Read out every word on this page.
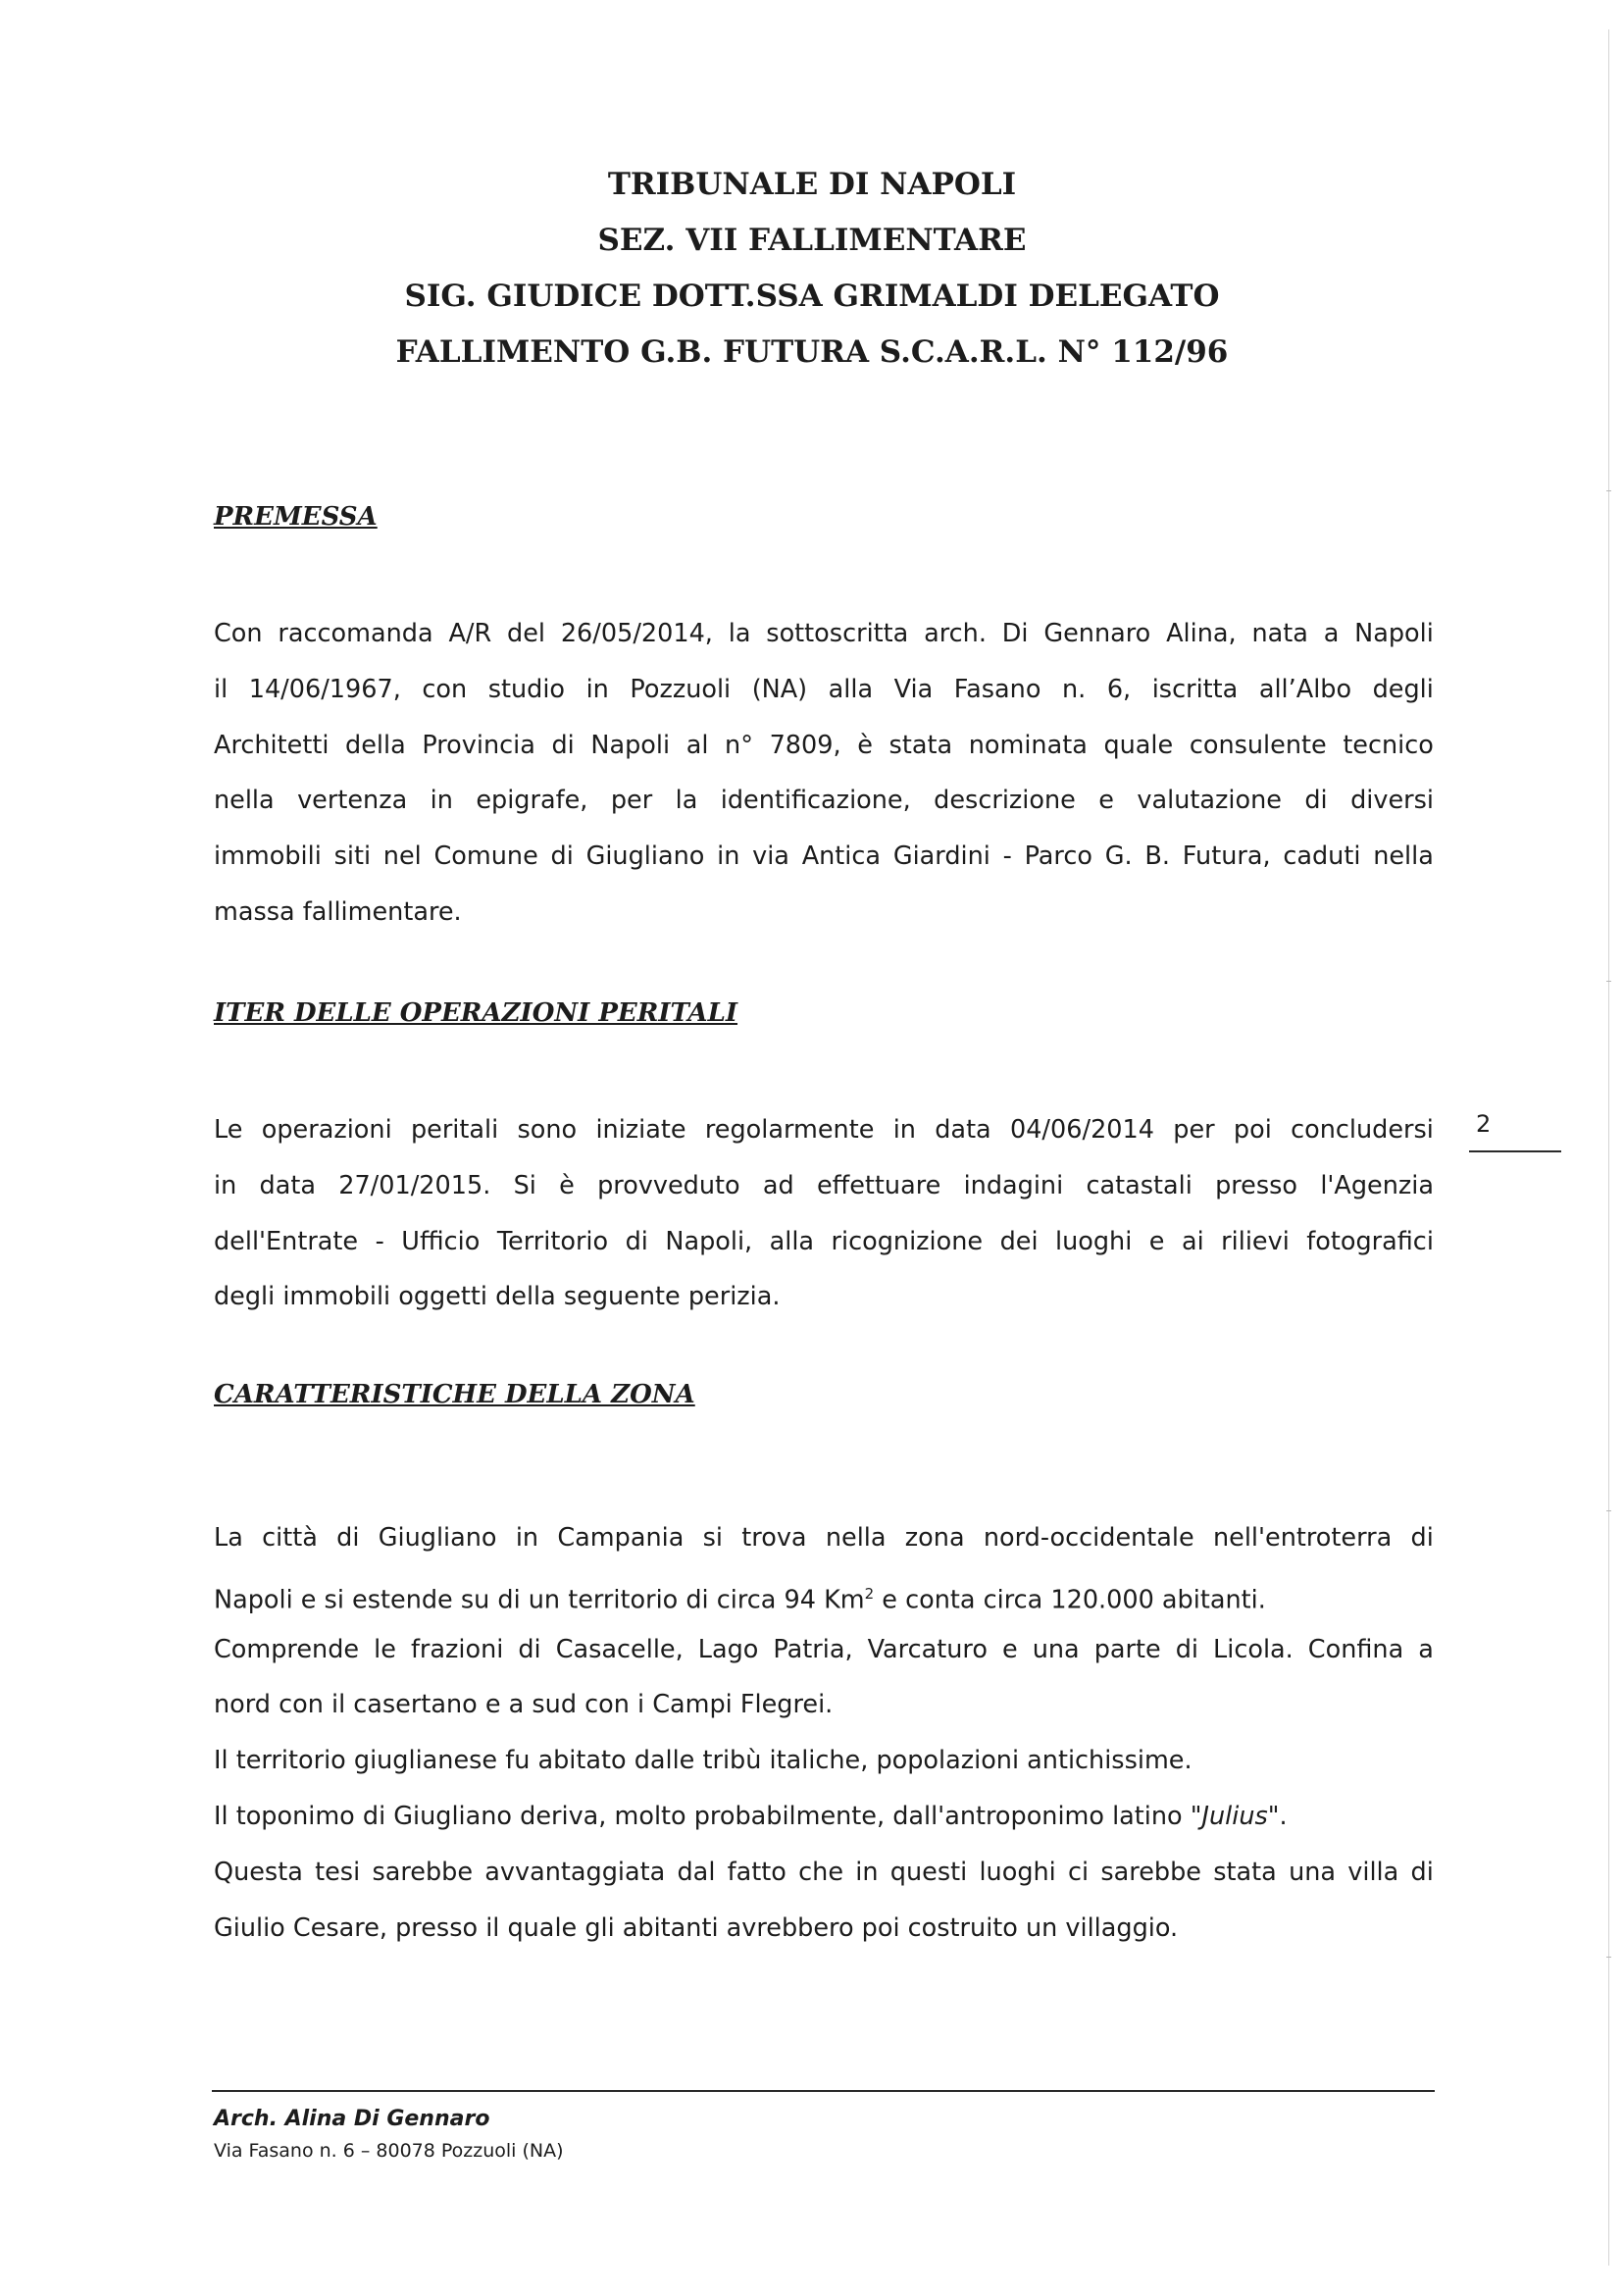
TRIBUNALE DI NAPOLI
SEZ. VII FALLIMENTARE
SIG. GIUDICE DOTT.SSA GRIMALDI DELEGATO
FALLIMENTO G.B. FUTURA S.C.A.R.L. N° 112/96
PREMESSA
Con raccomanda A/R del 26/05/2014, la sottoscritta arch. Di Gennaro Alina, nata a Napoli
il 14/06/1967, con studio in Pozzuoli (NA) alla Via Fasano n. 6, iscritta all’Albo degli
Architetti della Provincia di Napoli al n° 7809, è stata nominata quale consulente tecnico
nella vertenza in epigrafe, per la identificazione, descrizione e valutazione di diversi
immobili siti nel Comune di Giugliano in via Antica Giardini - Parco G. B. Futura, caduti nella
massa fallimentare.
ITER DELLE OPERAZIONI PERITALI
Le operazioni peritali sono iniziate regolarmente in data 04/06/2014 per poi concludersi
in data 27/01/2015. Si è provveduto ad effettuare indagini catastali presso l'Agenzia
dell'Entrate - Ufficio Territorio di Napoli, alla ricognizione dei luoghi e ai rilievi fotografici
degli immobili oggetti della seguente perizia.
2
CARATTERISTICHE DELLA ZONA
La città di Giugliano in Campania si trova nella zona nord-occidentale nell'entroterra di
Napoli e si estende su di un territorio di circa 94 Km$^2$ e conta circa 120.000 abitanti.
Comprende le frazioni di Casacelle, Lago Patria, Varcaturo e una parte di Licola. Confina a
nord con il casertano e a sud con i Campi Flegrei.
Il territorio giuglianese fu abitato dalle tribù italiche, popolazioni antichissime.
Il toponimo di Giugliano deriva, molto probabilmente, dall'antroponimo latino "Julius".
Questa tesi sarebbe avvantaggiata dal fatto che in questi luoghi ci sarebbe stata una villa di
Giulio Cesare, presso il quale gli abitanti avrebbero poi costruito un villaggio.
Arch. Alina Di Gennaro
Via Fasano n. 6 – 80078 Pozzuoli (NA)
